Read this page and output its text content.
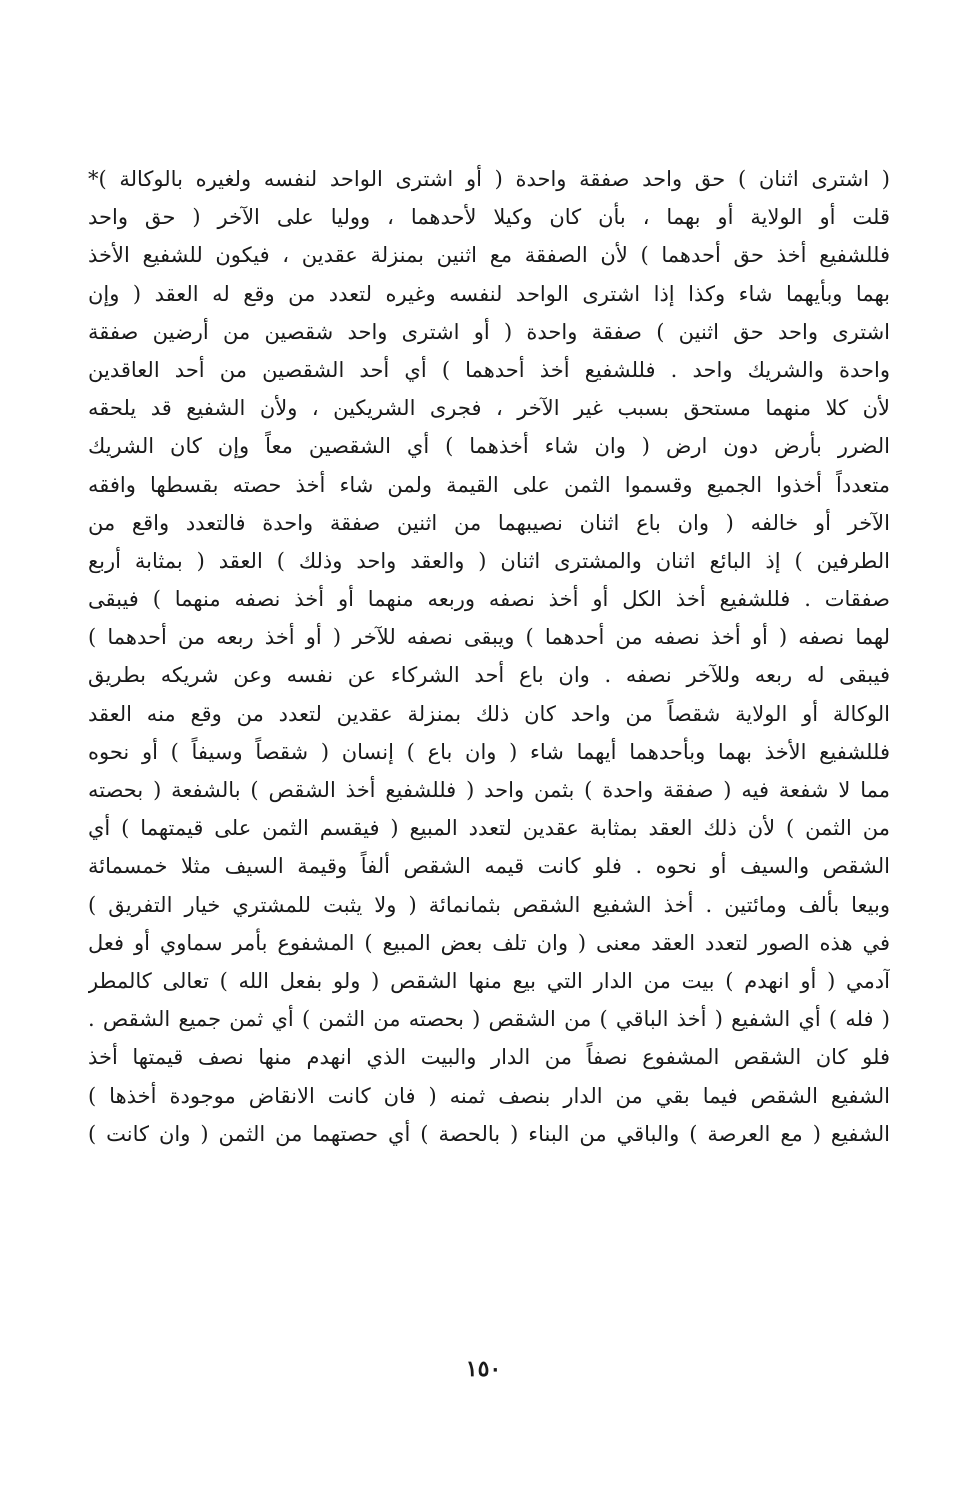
( اشترى اثنان ) حق واحد صفقة واحدة ( أو اشترى الواحد لنفسه ولغيره بالوكالة )*
قلت أو الولاية أو بهما ، بأن كان وكيلا لأحدهما ، ووليا على الآخر ( حق واحد
فللشفيع أخذ حق أحدهما ) لأن الصفقة مع اثنين بمنزلة عقدين ، فيكون للشفيع الأخذ
بهما وبأيهما شاء وكذا إذا اشترى الواحد لنفسه وغيره لتعدد من وقع له العقد ( وإن
اشترى واحد حق اثنين ) صفقة واحدة ( أو اشترى واحد شقصين من أرضين صفقة
واحدة والشريك واحد . فللشفيع أخذ أحدهما ) أي أحد الشقصين من أحد العاقدين
لأن كلا منهما مستحق بسبب غير الآخر ، فجرى الشريكين ، ولأن الشفيع قد يلحقه
الضرر بأرض دون ارض ( وان شاء أخذهما ) أي الشقصين معاً وإن كان الشريك
متعدداً أخذوا الجميع وقسموا الثمن على القيمة ولمن شاء أخذ حصته بقسطها وافقه
الآخر أو خالفه ( وان باع اثنان نصيبهما من اثنين صفقة واحدة فالتعدد واقع من
الطرفين ) إذ البائع اثنان والمشترى اثنان ( والعقد واحد وذلك ) العقد ( بمثابة أربع
صفقات . فللشفيع أخذ الكل أو أخذ نصفه وربعه منهما أو أخذ نصفه منهما ) فيبقى
لهما نصفه ( أو أخذ نصفه من أحدهما ) ويبقى نصفه للآخر ( أو أخذ ربعه من أحدهما )
فيبقى له ربعه وللآخر نصفه . وان باع أحد الشركاء عن نفسه وعن شريكه بطريق
الوكالة أو الولاية شقصاً من واحد كان ذلك بمنزلة عقدين لتعدد من وقع منه العقد
فللشفيع الأخذ بهما وبأحدهما أيهما شاء ( وان باع ) إنسان ( شقصاً وسيفاً ) أو نحوه
مما لا شفعة فيه ( صفقة واحدة ) بثمن واحد ( فللشفيع أخذ الشقص ) بالشفعة ( بحصته
من الثمن ) لأن ذلك العقد بمثابة عقدين لتعدد المبيع ( فيقسم الثمن على قيمتهما ) أي
الشقص والسيف أو نحوه . فلو كانت قيمه الشقص ألفاً وقيمة السيف مثلا خمسمائة
وبيعا بألف ومائتين . أخذ الشفيع الشقص بثمانمائة ( ولا يثبت للمشتري خيار التفريق )
في هذه الصور لتعدد العقد معنى ( وان تلف بعض المبيع ) المشفوع بأمر سماوي أو فعل
آدمي ( أو انهدم ) بيت من الدار التي بيع منها الشقص ( ولو بفعل الله ) تعالى كالمطر
( فله ) أي الشفيع ( أخذ الباقي ) من الشقص ( بحصته من الثمن ) أي ثمن جميع الشقص .
فلو كان الشقص المشفوع نصفاً من الدار والبيت الذي انهدم منها نصف قيمتها أخذ
الشفيع الشقص فيما بقي من الدار بنصف ثمنه ( فان كانت الانقاض موجودة أخذها )
الشفيع ( مع العرصة ) والباقي من البناء ( بالحصة ) أي حصتهما من الثمن ( وان كانت )
١٥٠
